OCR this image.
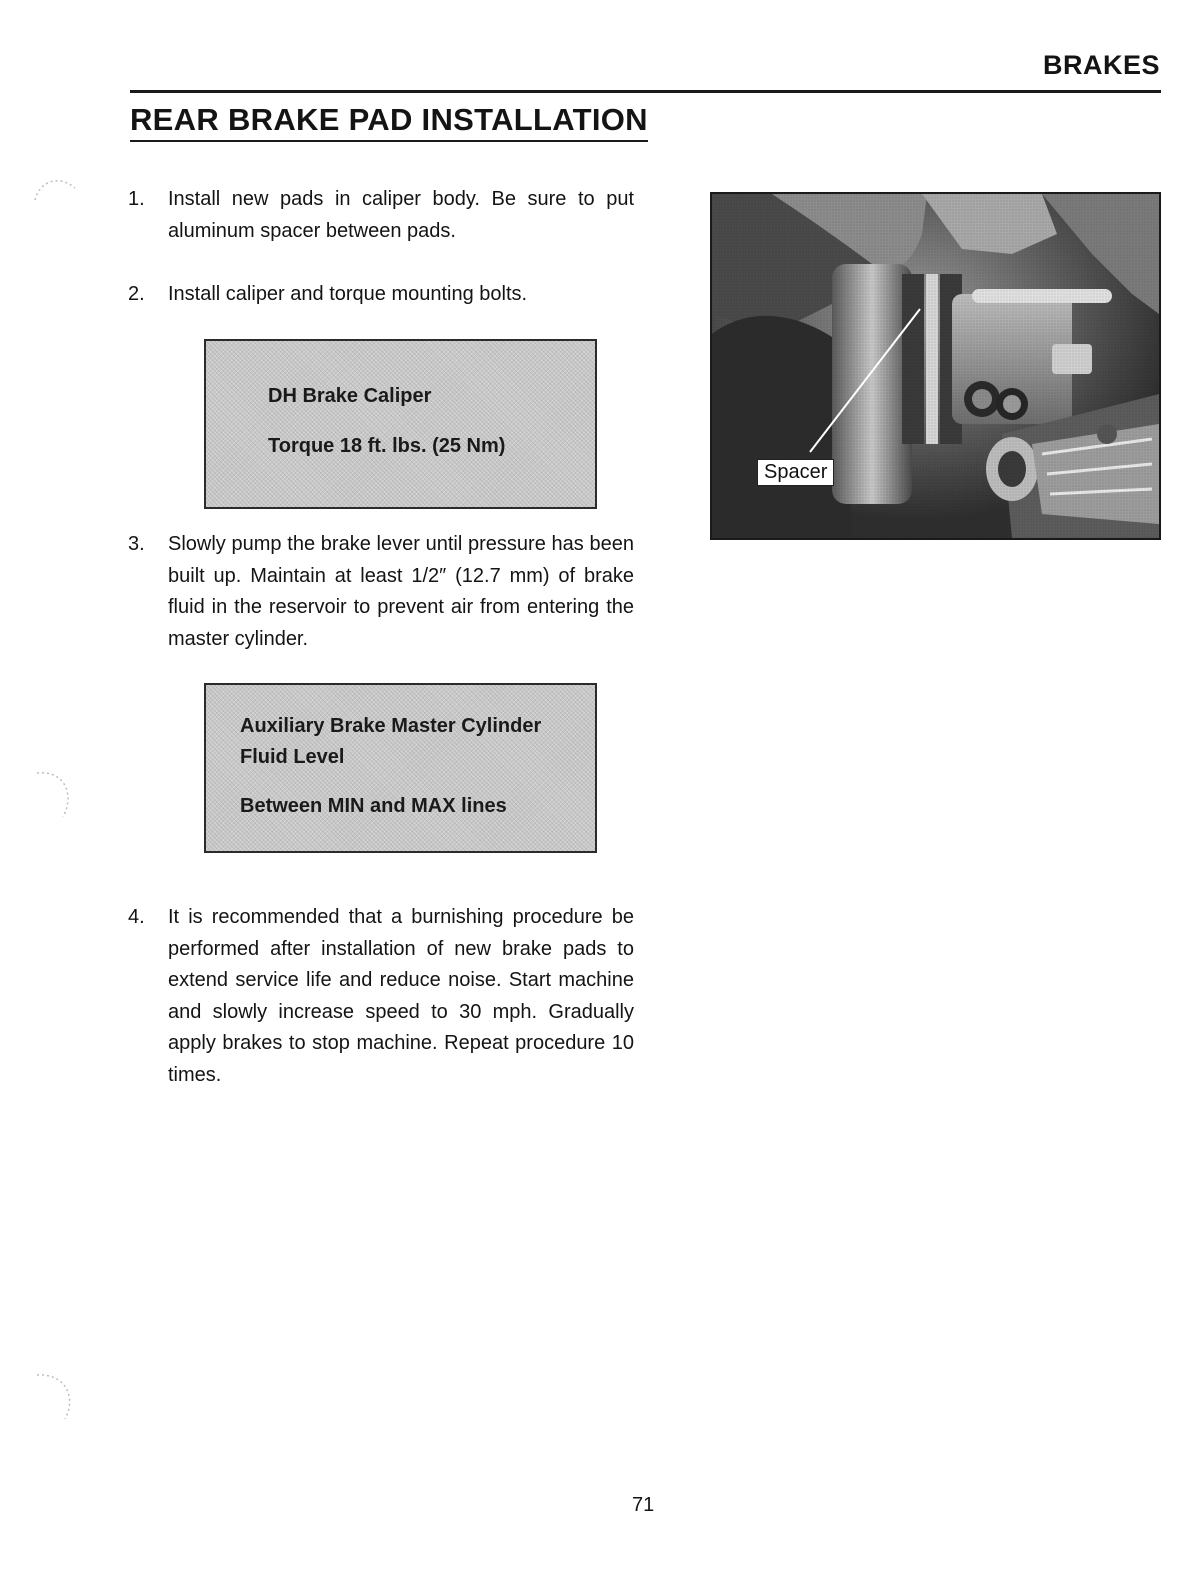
BRAKES
REAR BRAKE PAD INSTALLATION
1. Install new pads in caliper body. Be sure to put aluminum spacer between pads.
2. Install caliper and torque mounting bolts.
DH Brake Caliper
Torque 18 ft. lbs. (25 Nm)
3. Slowly pump the brake lever until pressure has been built up. Maintain at least 1/2″ (12.7 mm) of brake fluid in the reservoir to prevent air from entering the master cylinder.
Auxiliary Brake Master Cylinder
Fluid Level
Between MIN and MAX lines
4. It is recommended that a burnishing procedure be performed after installation of new brake pads to extend service life and reduce noise. Start machine and slowly increase speed to 30 mph. Gradually apply brakes to stop machine. Repeat procedure 10 times.
Spacer
71
